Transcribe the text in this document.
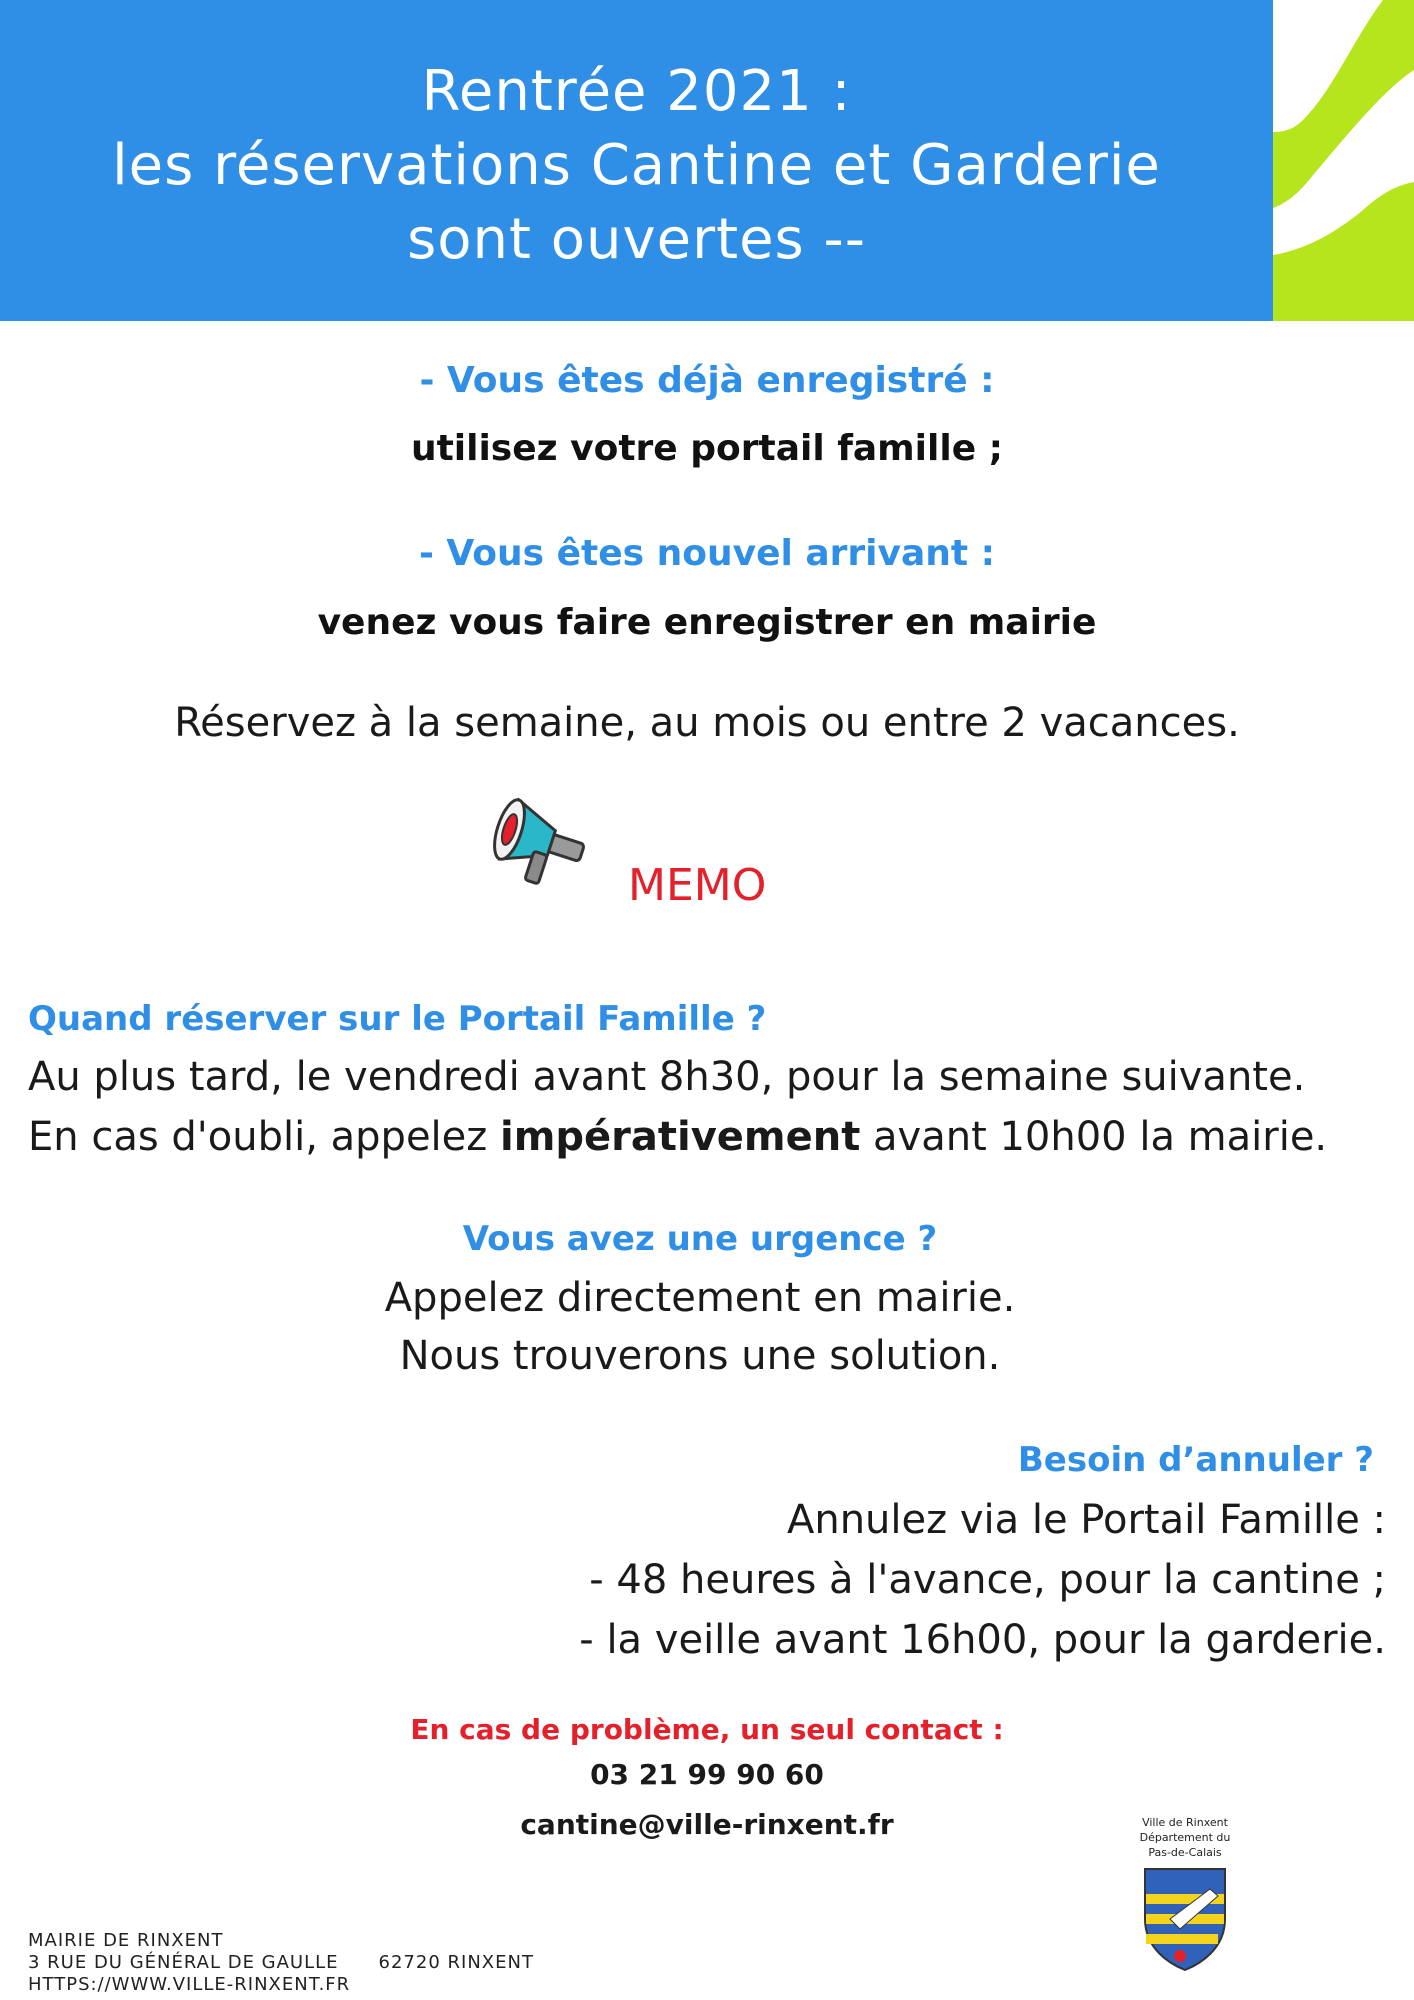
Rentrée 2021 :
les réservations Cantine et Garderie
sont ouvertes --
- Vous êtes déjà enregistré :
utilisez votre portail famille ;
- Vous êtes nouvel arrivant :
venez vous faire enregistrer en mairie
Réservez à la semaine, au mois ou entre 2 vacances.
MEMO
Quand réserver sur le Portail Famille ?
Au plus tard, le vendredi avant 8h30, pour la semaine suivante.
En cas d'oubli, appelez impérativement avant 10h00 la mairie.
Vous avez une urgence ?
Appelez directement en mairie.
Nous trouverons une solution.
Besoin d’annuler ?
Annulez via le Portail Famille :
- 48 heures à l'avance, pour la cantine ;
- la veille avant 16h00, pour la garderie.
En cas de problème, un seul contact :
03 21 99 90 60
cantine@ville-rinxent.fr	Ville de Rinxent
Département du
Pas-de-Calais
MAIRIE DE RINXENT
3 RUE DU GÉNÉRAL DE GAULLE 62720 RINXENT
HTTPS://WWW.VILLE-RINXENT.FR
